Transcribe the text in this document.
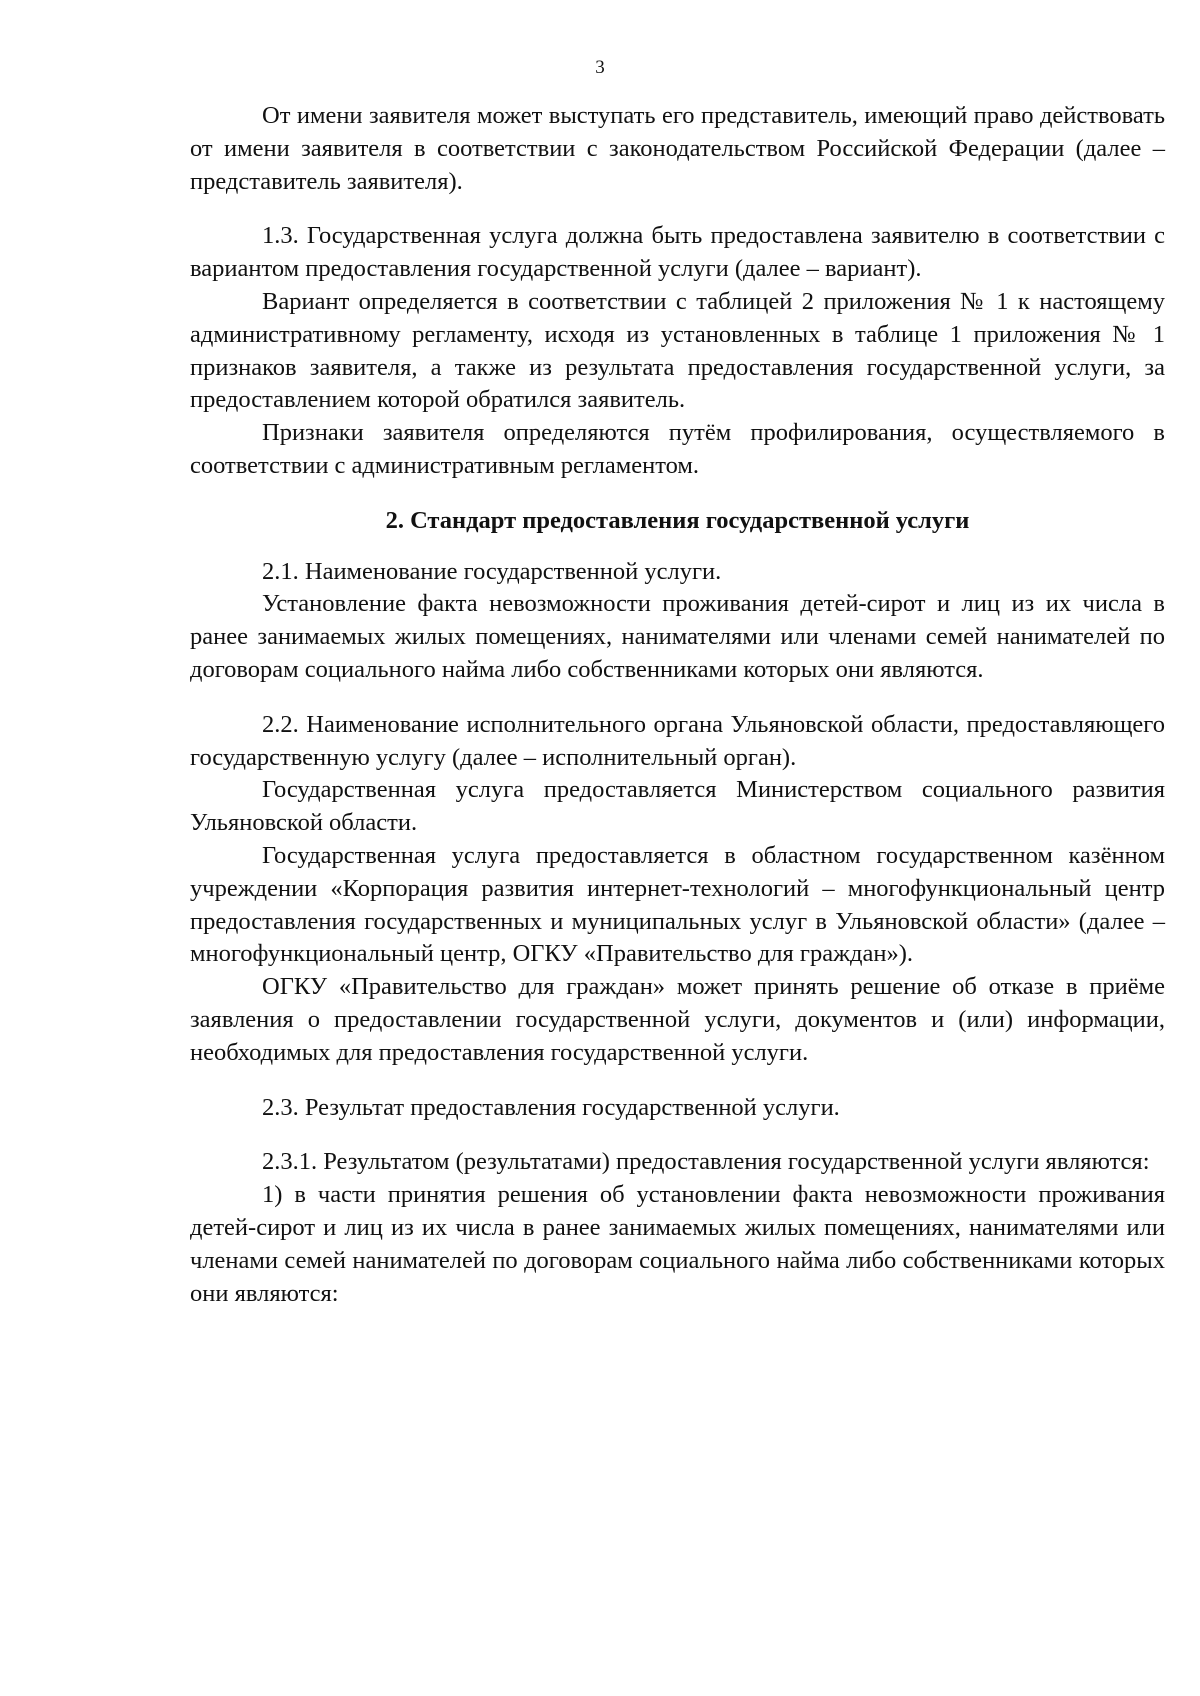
3

От имени заявителя может выступать его представитель, имеющий право действовать от имени заявителя в соответствии с законодательством Российской Федерации (далее – представитель заявителя).

1.3. Государственная услуга должна быть предоставлена заявителю в соответствии с вариантом предоставления государственной услуги (далее – вариант).

Вариант определяется в соответствии с таблицей 2 приложения № 1 к настоящему административному регламенту, исходя из установленных в таблице 1 приложения № 1 признаков заявителя, а также из результата предоставления государственной услуги, за предоставлением которой обратился заявитель.

Признаки заявителя определяются путём профилирования, осуществляемого в соответствии с административным регламентом.

2. Стандарт предоставления государственной услуги

2.1. Наименование государственной услуги.

Установление факта невозможности проживания детей-сирот и лиц из их числа в ранее занимаемых жилых помещениях, нанимателями или членами семей нанимателей по договорам социального найма либо собственниками которых они являются.

2.2. Наименование исполнительного органа Ульяновской области, предоставляющего государственную услугу (далее – исполнительный орган).

Государственная услуга предоставляется Министерством социального развития Ульяновской области.

Государственная услуга предоставляется в областном государственном казённом учреждении «Корпорация развития интернет-технологий – многофункциональный центр предоставления государственных и муниципальных услуг в Ульяновской области» (далее – многофункциональный центр, ОГКУ «Правительство для граждан»).

ОГКУ «Правительство для граждан» может принять решение об отказе в приёме заявления о предоставлении государственной услуги, документов и (или) информации, необходимых для предоставления государственной услуги.

2.3. Результат предоставления государственной услуги.

2.3.1. Результатом (результатами) предоставления государственной услуги являются:

1) в части принятия решения об установлении факта невозможности проживания детей-сирот и лиц из их числа в ранее занимаемых жилых помещениях, нанимателями или членами семей нанимателей по договорам социального найма либо собственниками которых они являются:
